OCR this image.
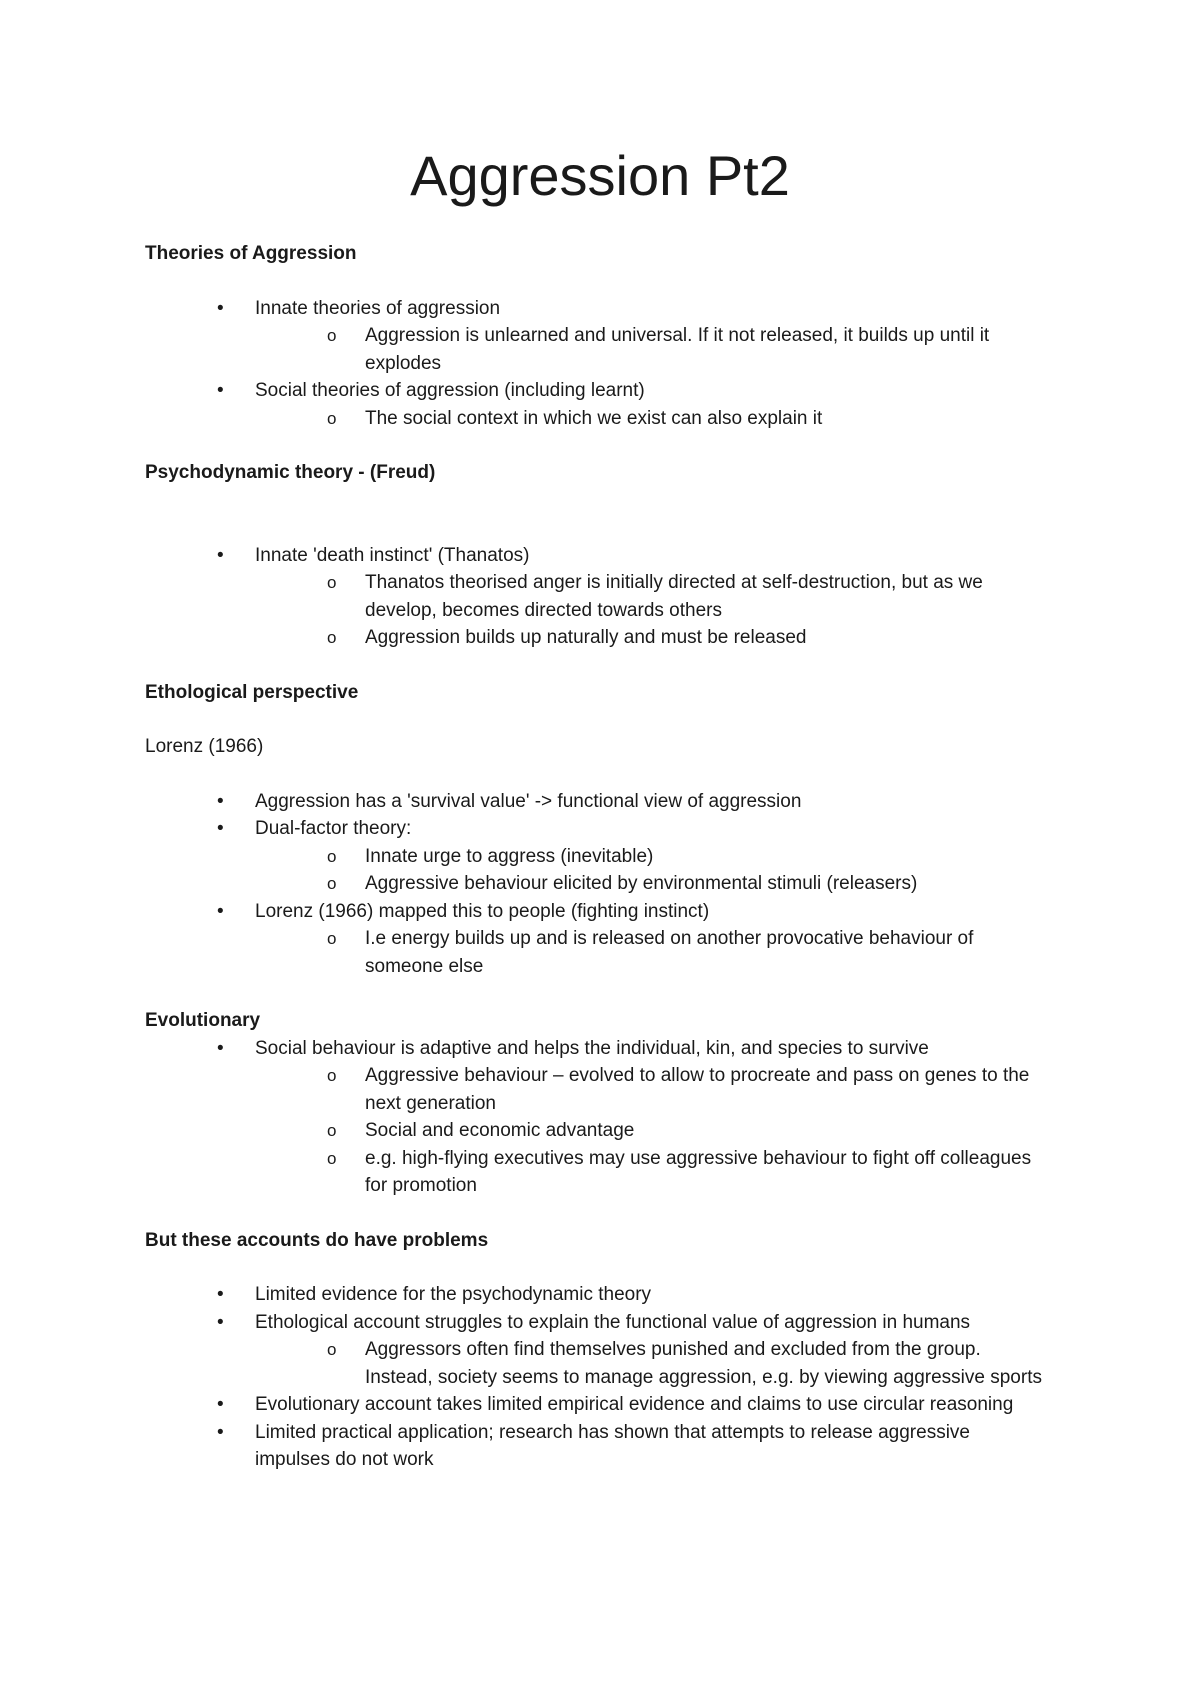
Aggression Pt2

Theories of Aggression

• Innate theories of aggression
o Aggression is unlearned and universal. If it not released, it builds up until it explodes
• Social theories of aggression (including learnt)
o The social context in which we exist can also explain it

Psychodynamic theory - (Freud)

• Innate 'death instinct' (Thanatos)
o Thanatos theorised anger is initially directed at self-destruction, but as we develop, becomes directed towards others
o Aggression builds up naturally and must be released

Ethological perspective

Lorenz (1966)

• Aggression has a 'survival value' -> functional view of aggression
• Dual-factor theory:
o Innate urge to aggress (inevitable)
o Aggressive behaviour elicited by environmental stimuli (releasers)
• Lorenz (1966) mapped this to people (fighting instinct)
o I.e energy builds up and is released on another provocative behaviour of someone else

Evolutionary

• Social behaviour is adaptive and helps the individual, kin, and species to survive
o Aggressive behaviour – evolved to allow to procreate and pass on genes to the next generation
o Social and economic advantage
o e.g. high-flying executives may use aggressive behaviour to fight off colleagues for promotion

But these accounts do have problems

• Limited evidence for the psychodynamic theory
• Ethological account struggles to explain the functional value of aggression in humans
o Aggressors often find themselves punished and excluded from the group. Instead, society seems to manage aggression, e.g. by viewing aggressive sports
• Evolutionary account takes limited empirical evidence and claims to use circular reasoning
• Limited practical application; research has shown that attempts to release aggressive impulses do not work
